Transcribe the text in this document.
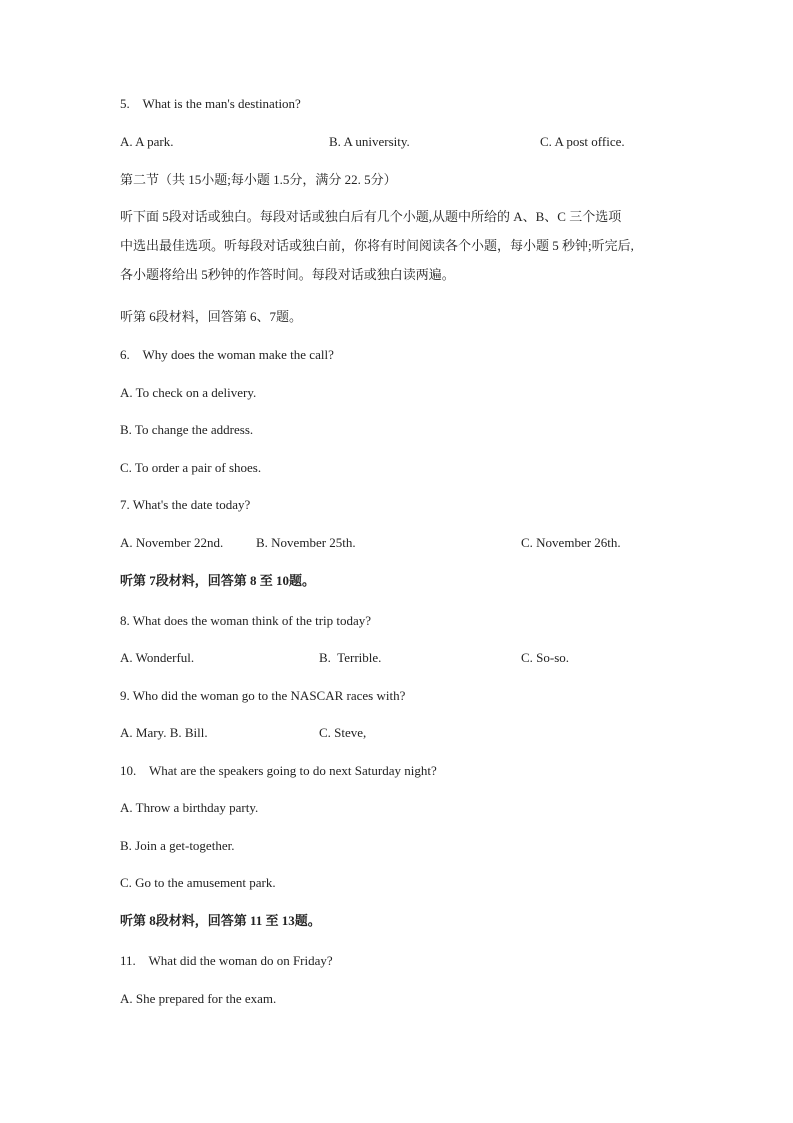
5.    What is the man's destination?
A. A park.	B. A university.	C. A post office.
第二节（共 15小题;每小题 1.5分，满分 22. 5分）
听下面 5段对话或独白。每段对话或独白后有几个小题,从题中所给的 A、B、C 三个选项
中选出最佳选项。听每段对话或独白前，你将有时间阅读各个小题，每小题 5 秒钟;听完后,
各小题将给出 5秒钟的作答时间。每段对话或独白读两遍。
听第 6段材料，回答第 6、7题。
6.    Why does the woman make the call?
A. To check on a delivery.
B. To change the address.
C. To order a pair of shoes.
7. What's the date today?
A. November 22nd.	B. November 25th.	C. November 26th.
听第 7段材料，回答第 8 至 10题。
8. What does the woman think of the trip today?
A. Wonderful.	B.  Terrible.	C. So-so.
9. Who did the woman go to the NASCAR races with?
A. Mary. B. Bill.	C. Steve,
10.    What are the speakers going to do next Saturday night?
A. Throw a birthday party.
B. Join a get-together.
C. Go to the amusement park.
听第 8段材料，回答第 11 至 13题。
11.    What did the woman do on Friday?
A. She prepared for the exam.
